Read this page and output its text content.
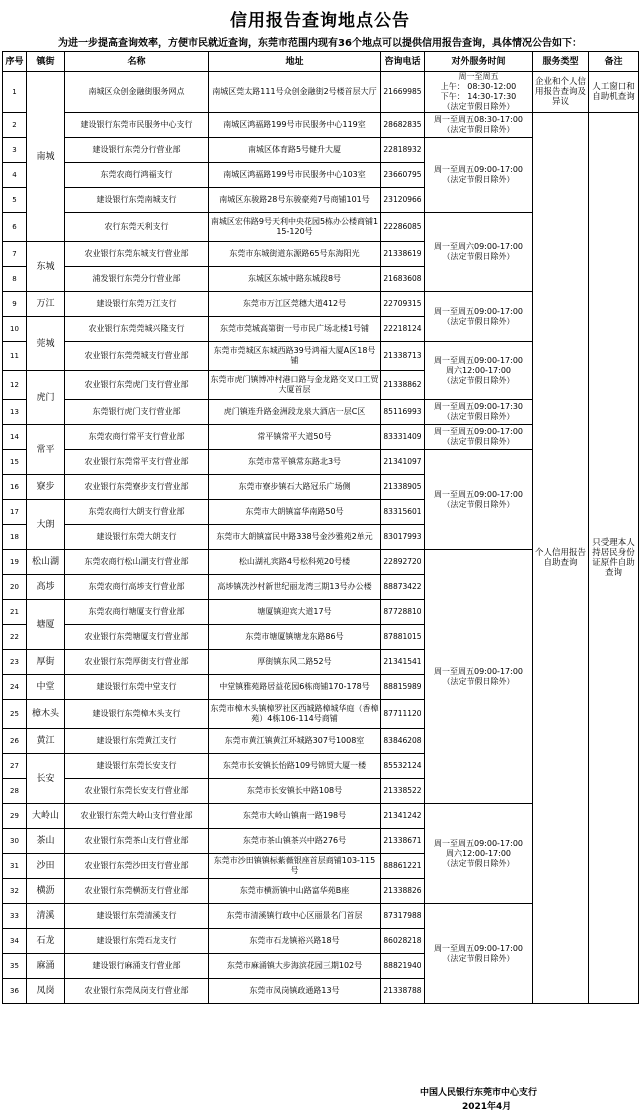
信用报告查询地点公告
为进一步提高查询效率，方便市民就近查询，东莞市范围内现有36个地点可以提供信用报告查询，具体情况公告如下：
序号	镇街	名称	地址	咨询电话	对外服务时间	服务类型	备注
1	南城	南城区众创金融街服务网点	南城区莞太路111号众创金融街2号楼首层大厅	21669985	周一至周五
上午： 08:30-12:00
下午： 14:30-17:30
（法定节假日除外）	企业和个人信用报告查询及异议	人工窗口和自助机查询
2		建设银行东莞市民服务中心支行	南城区鸿福路199号市民服务中心119室	28682835	周一至周五08:30-17:00
（法定节假日除外）	个人信用报告自助查询	只受理本人持居民身份证原件自助查询
3		建设银行东莞分行营业部	南城区体育路5号健升大厦	22818932	周一至周五09:00-17:00
（法定节假日除外）		

4		东莞农商行鸿福支行	南城区鸿福路199号市民服务中心103室	23660795			
5		建设银行东莞南城支行	南城区东骏路28号东骏豪苑7号商铺101号	23120966			
6		农行东莞天利支行	南城区宏伟路9号天利中央花园5栋办公楼商铺115-120号	22286085	周一至周六09:00-17:00
（法定节假日除外）		

7	东城	农业银行东莞东城支行营业部	东莞市东城街道东源路65号东海阳光	21338619			
8		浦发银行东莞分行营业部	东城区东城中路东城段8号	21683608			
9	万江	建设银行东莞万江支行	东莞市万江区莞穗大道412号	22709315	周一至周五09:00-17:00
（法定节假日除外）		

10	莞城	农业银行东莞莞城兴隆支行	东莞市莞城高第街一号市民广场北楼1号铺	22218124			
11		农业银行东莞莞城支行营业部	东莞市莞城区东城西路39号鸿福大厦A区18号铺	21338713	周一至周五09:00-17:00
周六12:00-17:00
（法定节假日除外）		

12	虎门	农业银行东莞虎门支行营业部	东莞市虎门镇博冲村港口路与金龙路交叉口工贸大厦首层	21338862			
13		东莞银行虎门支行营业部	虎门镇连升路金洲段龙泉大酒店一层C区	85116993	周一至周五09:00-17:30
（法定节假日除外）		

14	常平	东莞农商行常平支行营业部	常平镇常平大道50号	83331409	周一至周五09:00-17:00
（法定节假日除外）		

15		农业银行东莞常平支行营业部	东莞市常平镇常东路北3号	21341097	周一至周五09:00-17:00
（法定节假日除外）		

16	寮步	农业银行东莞寮步支行营业部	东莞市寮步镇石大路冠乐广场侧	21338905			
17	大朗	东莞农商行大朗支行营业部	东莞市大朗镇富华南路50号	83315601			
18		建设银行东莞大朗支行	东莞市大朗镇富民中路338号金沙雅苑2单元	83017993			
19	松山湖	东莞农商行松山湖支行营业部	松山湖礼宾路4号松科苑20号楼	22892720	周一至周五09:00-17:00
（法定节假日除外）		

20	高埗	东莞农商行高埗支行营业部	高埗镇冼沙村新世纪丽龙湾三期13号办公楼	88873422			
21	塘厦	东莞农商行塘厦支行营业部	塘厦镇迎宾大道17号	87728810			
22		农业银行东莞塘厦支行营业部	东莞市塘厦镇塘龙东路86号	87881015			
23	厚街	农业银行东莞厚街支行营业部	厚街镇东风二路52号	21341541			
24	中堂	建设银行东莞中堂支行	中堂镇雅苑路居益花园6栋商铺170-178号	88815989			
25	樟木头	建设银行东莞樟木头支行	东莞市樟木头镇樟罗社区西城路樟城华庭（香樟苑）4栋106-114号商铺	87711120			
26	黄江	建设银行东莞黄江支行	东莞市黄江镇黄江环城路307号1008室	83846208			
27	长安	建设银行东莞长安支行	东莞市长安镇长怡路109号锦贸大厦一楼	85532124			
28		农业银行东莞长安支行营业部	东莞市长安镇长中路108号	21338522			
29	大岭山	农业银行东莞大岭山支行营业部	东莞市大岭山镇南一路198号	21341242	周一至周五09:00-17:00
周六12:00-17:00
（法定节假日除外）		

30	茶山	农业银行东莞茶山支行营业部	东莞市茶山镇茶兴中路276号	21338671			
31	沙田	农业银行东莞沙田支行营业部	东莞市沙田镇镇标紫薇银座首层商铺103-115号	88861221			
32	横沥	农业银行东莞横沥支行营业部	东莞市横沥镇中山路富华苑B座	21338826			
33	清溪	建设银行东莞清溪支行	东莞市清溪镇行政中心区丽景名门首层	87317988	周一至周五09:00-17:00
（法定节假日除外）		

34	石龙	建设银行东莞石龙支行	东莞市石龙镇裕兴路18号	86028218			
35	麻涌	建设银行麻涌支行营业部	东莞市麻涌镇大步海滨花园三期102号	88821940			
36	凤岗	农业银行东莞凤岗支行营业部	东莞市凤岗镇政通路13号	21338788			
中国人民银行东莞市中心支行
2021年4月
